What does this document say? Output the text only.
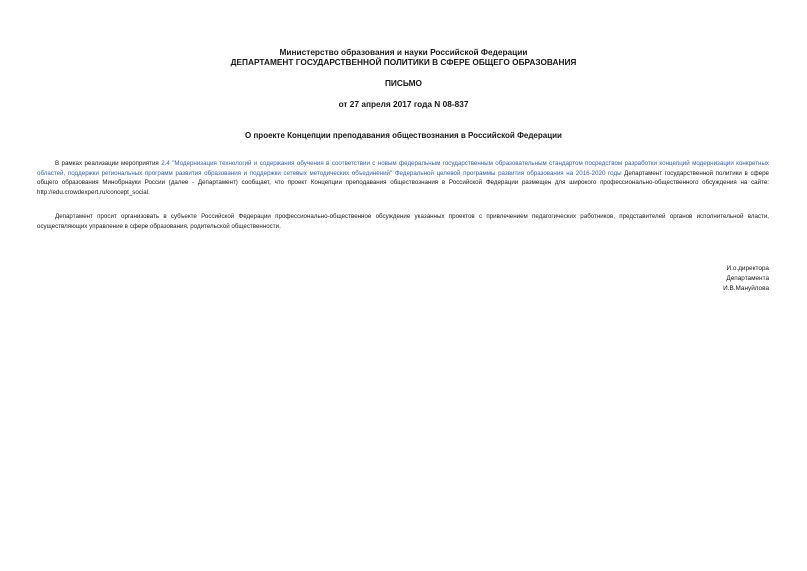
Министерство образования и науки Российской Федерации
ДЕПАРТАМЕНТ ГОСУДАРСТВЕННОЙ ПОЛИТИКИ В СФЕРЕ ОБЩЕГО ОБРАЗОВАНИЯ
ПИСЬМО
от 27 апреля 2017 года N 08-837
О проекте Концепции преподавания обществознания в Российской Федерации
В рамках реализации мероприятия 2.4 "Модернизация технологий и содержания обучения в соответствии с новым федеральным государственным образовательным стандартом посредством разработки концепций модернизации конкретных областей, поддержки региональных программ развития образования и поддержки сетевых методических объединений" Федеральной целевой программы развития образования на 2016-2020 годы Департамент государственной политики в сфере общего образования Минобрнауки России (далее - Департамент) сообщает, что проект Концепции преподавания обществознания в Российской Федерации размещен для широкого профессионально-общественного обсуждения на сайте: http://edu.crowdexpert.ru/concept_social.
Департамент просит организовать в субъекте Российской Федерации профессионально-общественное обсуждение указанных проектов с привлечением педагогических работников, представителей органов исполнительной власти, осуществляющих управление в сфере образования, родительской общественности.
И.о.директора
Департамента
И.В.Мануйлова
